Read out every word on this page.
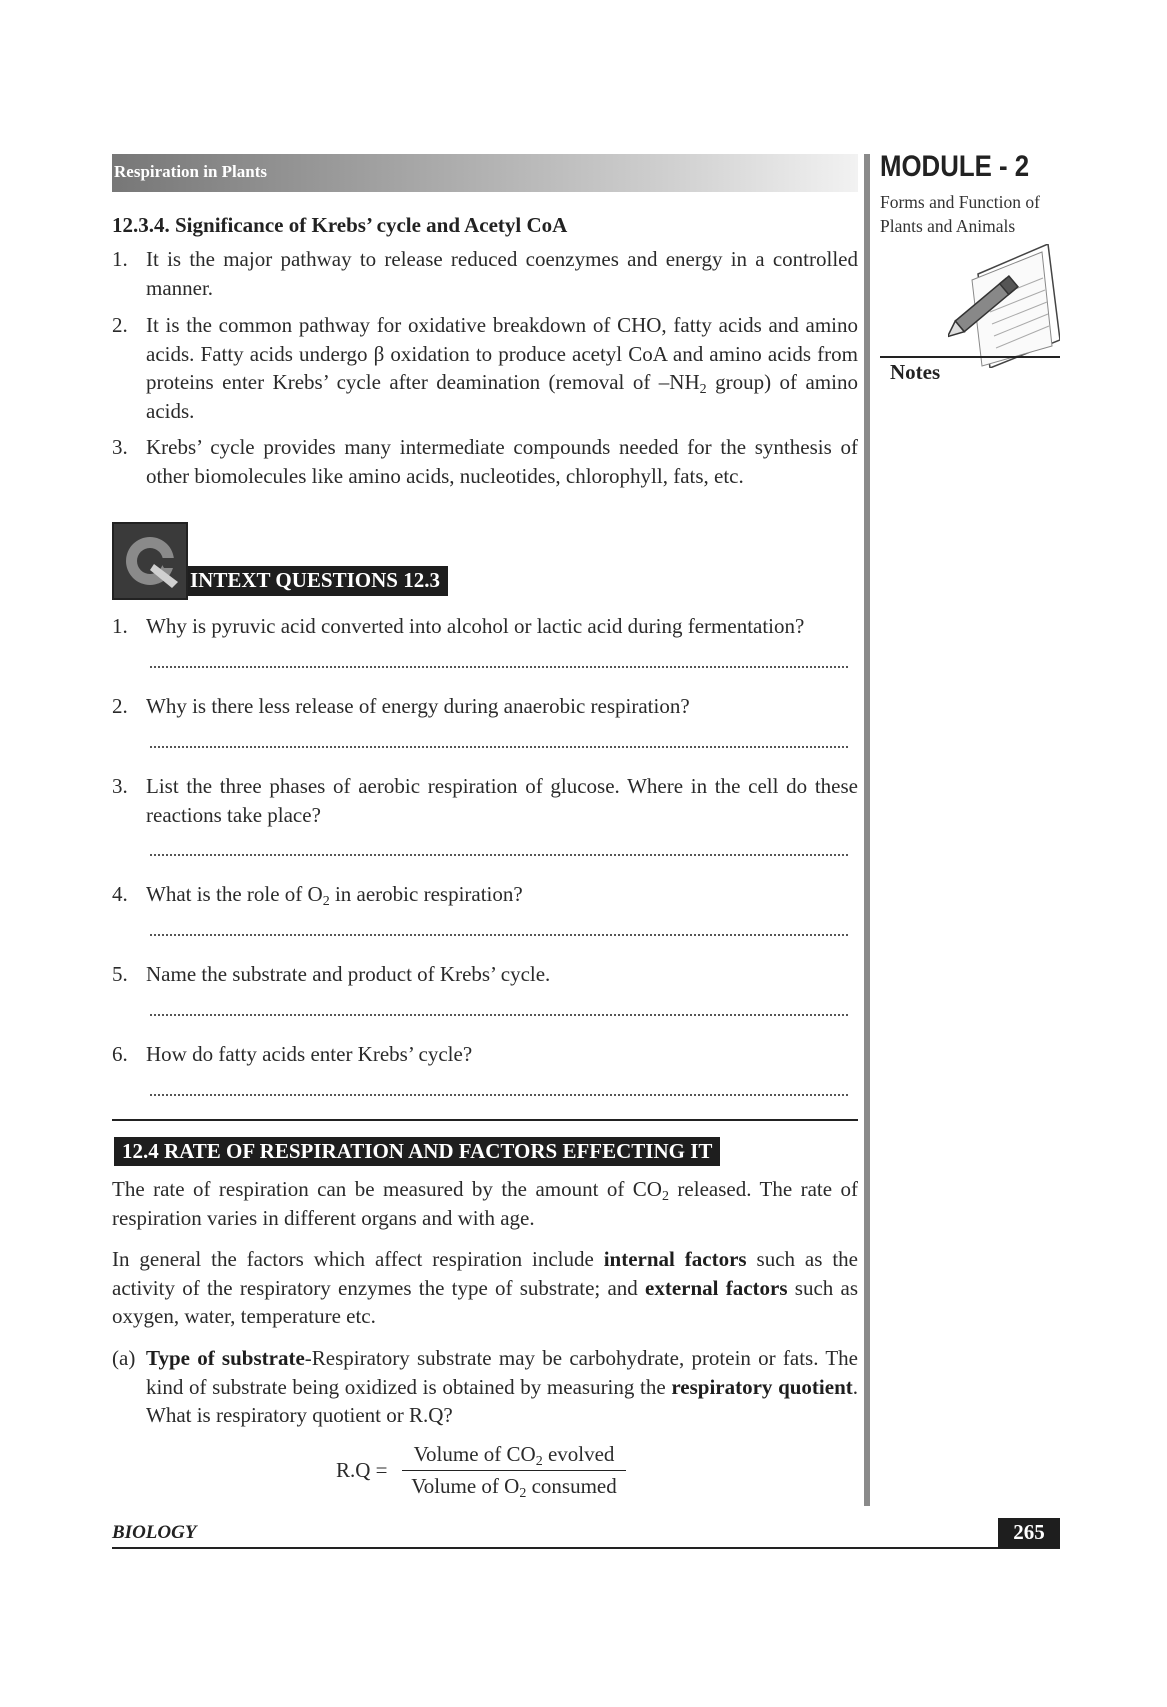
Respiration in Plants	MODULE - 2
Forms and Function of
Plants and Animals
Notes
12.3.4. Significance of Krebs’ cycle and Acetyl CoA
1. It is the major pathway to release reduced coenzymes and energy in a controlled manner.
2. It is the common pathway for oxidative breakdown of CHO, fatty acids and amino acids. Fatty acids undergo β oxidation to produce acetyl CoA and amino acids from proteins enter Krebs’ cycle after deamination (removal of $-NH_2$ group) of amino acids.
3. Krebs’ cycle provides many intermediate compounds needed for the synthesis of other biomolecules like amino acids, nucleotides, chlorophyll, fats, etc.
INTEXT QUESTIONS 12.3
1. Why is pyruvic acid converted into alcohol or lactic acid during fermentation?
2. Why is there less release of energy during anaerobic respiration?
3. List the three phases of aerobic respiration of glucose. Where in the cell do these reactions take place?
4. What is the role of $O_2$ in aerobic respiration?
5. Name the substrate and product of Krebs’ cycle.
6. How do fatty acids enter Krebs’ cycle?
12.4 RATE OF RESPIRATION AND FACTORS EFFECTING IT
The rate of respiration can be measured by the amount of $CO_2$ released. The rate of respiration varies in different organs and with age.
In general the factors which affect respiration include internal factors such as the activity of the respiratory enzymes the type of substrate; and external factors such as oxygen, water, temperature etc.
(a) Type of substrate-Respiratory substrate may be carbohydrate, protein or fats. The kind of substrate being oxidized is obtained by measuring the respiratory quotient. What is respiratory quotient or R.Q?
R.Q =
Volume of $CO_2$ evolved
Volume of $O_2$ consumed
BIOLOGY	265
